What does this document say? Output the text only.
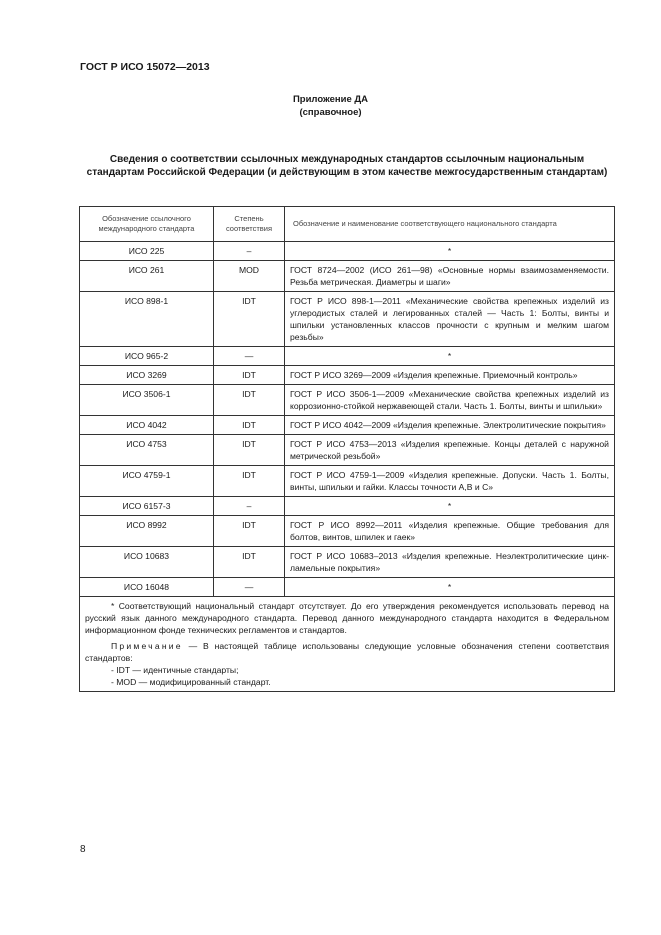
ГОСТ Р ИСО 15072—2013
Приложение ДА
(справочное)
Сведения о соответствии ссылочных международных стандартов ссылочным национальным стандартам Российской Федерации (и действующим в этом качестве межгосударственным стандартам)
Обозначение ссылочного международного стандарта	Степень соответствия	Обозначение и наименование соответствующего национального стандарта
ИСО 225	–	*
ИСО 261	MOD	ГОСТ 8724—2002 (ИСО 261—98) «Основные нормы взаимозаменяемости. Резьба метрическая. Диаметры и шаги»
ИСО 898-1	IDT	ГОСТ Р ИСО 898-1—2011 «Механические свойства крепежных изделий из углеродистых сталей и легированных сталей — Часть 1: Болты, винты и шпильки установленных классов прочности с крупным и мелким шагом резьбы»
ИСО 965-2	—	*
ИСО 3269	IDT	ГОСТ Р ИСО 3269—2009 «Изделия крепежные. Приемочный контроль»
ИСО 3506-1	IDT	ГОСТ Р ИСО 3506-1—2009 «Механические свойства крепежных изделий из коррозионно-стойкой нержавеющей стали. Часть 1. Болты, винты и шпильки»
ИСО 4042	IDT	ГОСТ Р ИСО 4042—2009 «Изделия крепежные. Электролитические покрытия»
ИСО 4753	IDT	ГОСТ Р ИСО 4753—2013 «Изделия крепежные. Концы деталей с наружной метрической резьбой»
ИСО 4759-1	IDT	ГОСТ Р ИСО 4759-1—2009 «Изделия крепежные. Допуски. Часть 1. Болты, винты, шпильки и гайки. Классы точности A,B и C»
ИСО 6157-3	–	*
ИСО 8992	IDT	ГОСТ Р ИСО 8992—2011 «Изделия крепежные. Общие требования для болтов, винтов, шпилек и гаек»
ИСО 10683	IDT	ГОСТ Р ИСО 10683–2013 «Изделия крепежные. Неэлектролитические цинк-ламельные покрытия»
ИСО 16048	—	*

* Соответствующий национальный стандарт отсутствует. До его утверждения рекомендуется использовать перевод на русский язык данного международного стандарта. Перевод данного международного стандарта находится в Федеральном информационном фонде технических регламентов и стандартов.

Примечание — В настоящей таблице использованы следующие условные обозначения степени соответствия стандартов:

- IDT — идентичные стандарты;

- MOD — модифицированный стандарт.		

8
